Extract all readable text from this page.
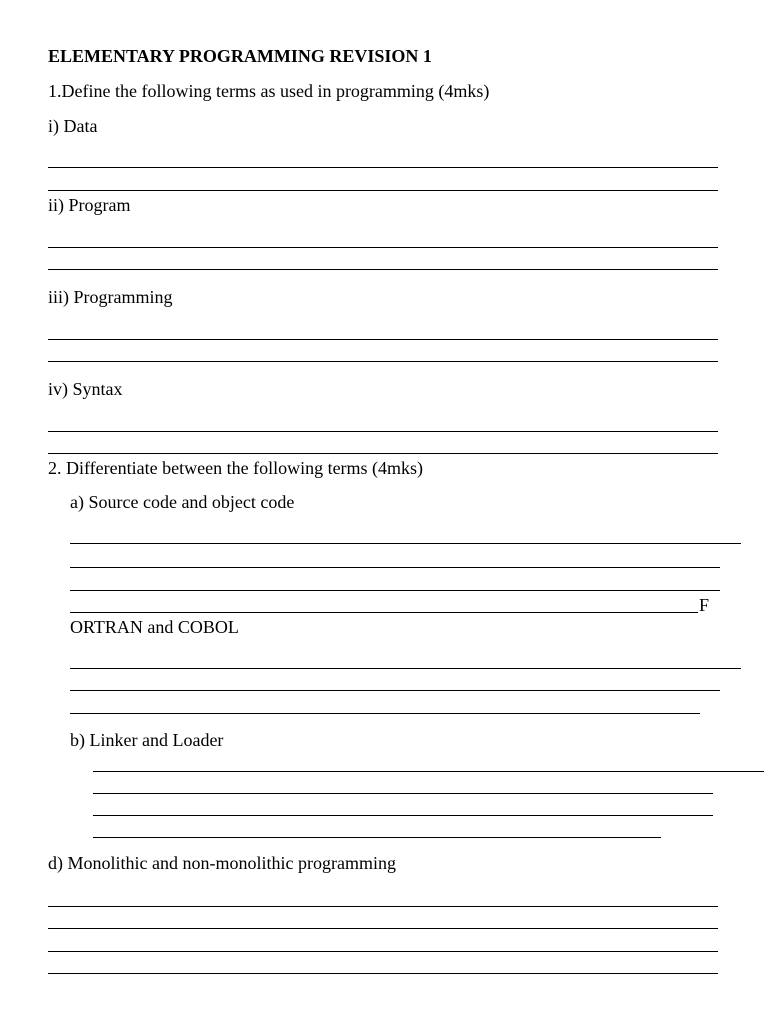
ELEMENTARY PROGRAMMING REVISION 1
1.Define the following terms as used in programming (4mks)
i) Data
ii) Program
iii) Programming
iv) Syntax
2. Differentiate between the following terms (4mks)
a) Source code and object code
F
ORTRAN and COBOL
b) Linker and Loader
d) Monolithic and non-monolithic programming
